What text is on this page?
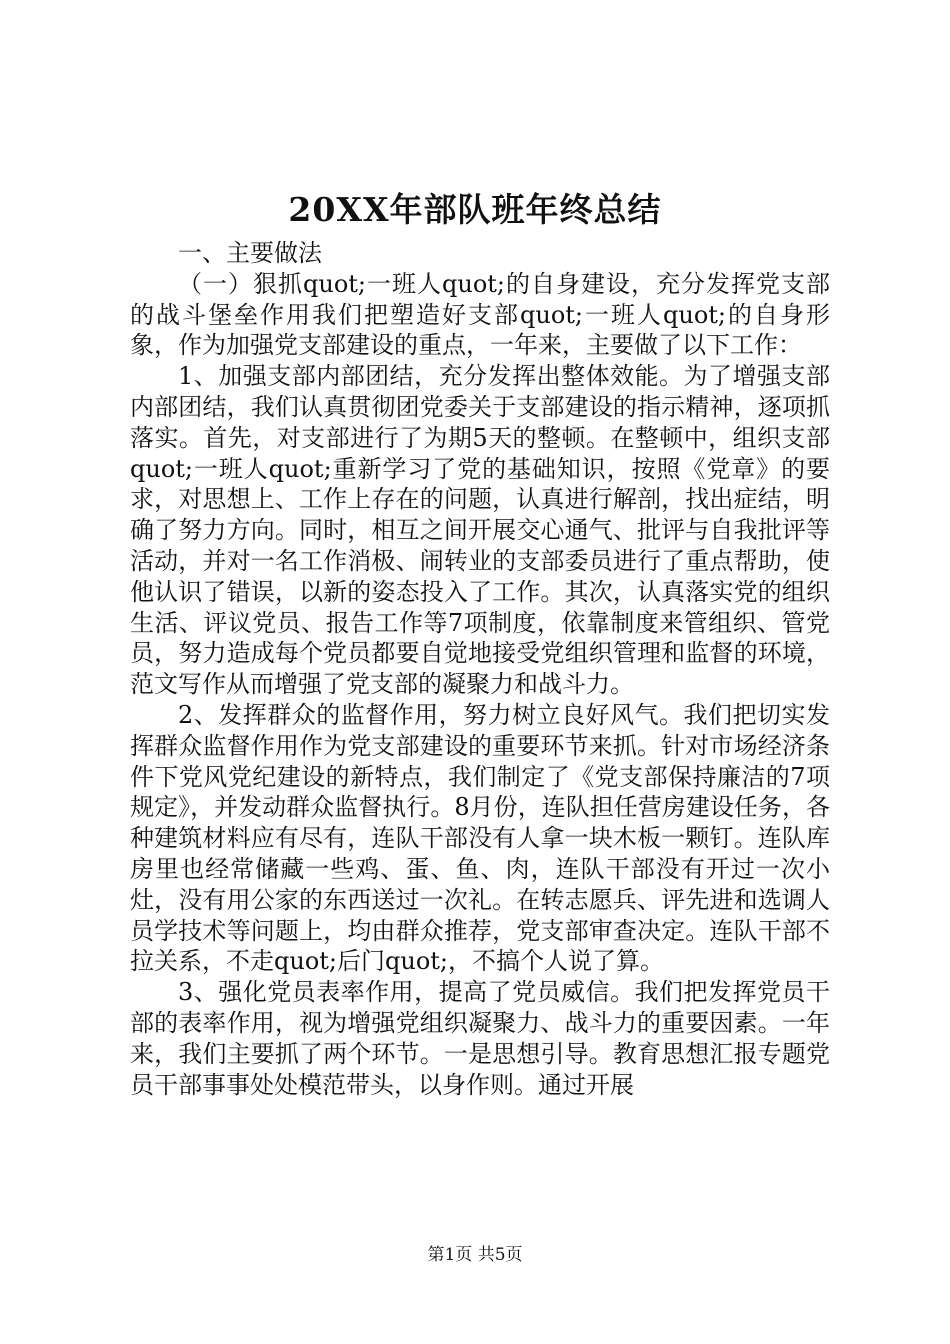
20XX年部队班年终总结

一、主要做法

（一）狠抓quot;一班人quot;的自身建设，充分发挥党支部的战斗堡垒作用我们把塑造好支部quot;一班人quot;的自身形象，作为加强党支部建设的重点，一年来，主要做了以下工作：

1、加强支部内部团结，充分发挥出整体效能。为了增强支部内部团结，我们认真贯彻团党委关于支部建设的指示精神，逐项抓落实。首先，对支部进行了为期5天的整顿。在整顿中，组织支部quot;一班人quot;重新学习了党的基础知识，按照《党章》的要求，对思想上、工作上存在的问题，认真进行解剖，找出症结，明确了努力方向。同时，相互之间开展交心通气、批评与自我批评等活动，并对一名工作消极、闹转业的支部委员进行了重点帮助，使他认识了错误，以新的姿态投入了工作。其次，认真落实党的组织生活、评议党员、报告工作等7项制度，依靠制度来管组织、管党员，努力造成每个党员都要自觉地接受党组织管理和监督的环境，范文写作从而增强了党支部的凝聚力和战斗力。

2、发挥群众的监督作用，努力树立良好风气。我们把切实发挥群众监督作用作为党支部建设的重要环节来抓。针对市场经济条件下党风党纪建设的新特点，我们制定了《党支部保持廉洁的7项规定》，并发动群众监督执行。8月份，连队担任营房建设任务，各种建筑材料应有尽有，连队干部没有人拿一块木板一颗钉。连队库房里也经常储藏一些鸡、蛋、鱼、肉，连队干部没有开过一次小灶，没有用公家的东西送过一次礼。在转志愿兵、评先进和选调人员学技术等问题上，均由群众推荐，党支部审查决定。连队干部不拉关系，不走quot;后门quot;，不搞个人说了算。

3、强化党员表率作用，提高了党员威信。我们把发挥党员干部的表率作用，视为增强党组织凝聚力、战斗力的重要因素。一年来，我们主要抓了两个环节。一是思想引导。教育思想汇报专题党员干部事事处处模范带头，以身作则。通过开展

第1页 共5页
